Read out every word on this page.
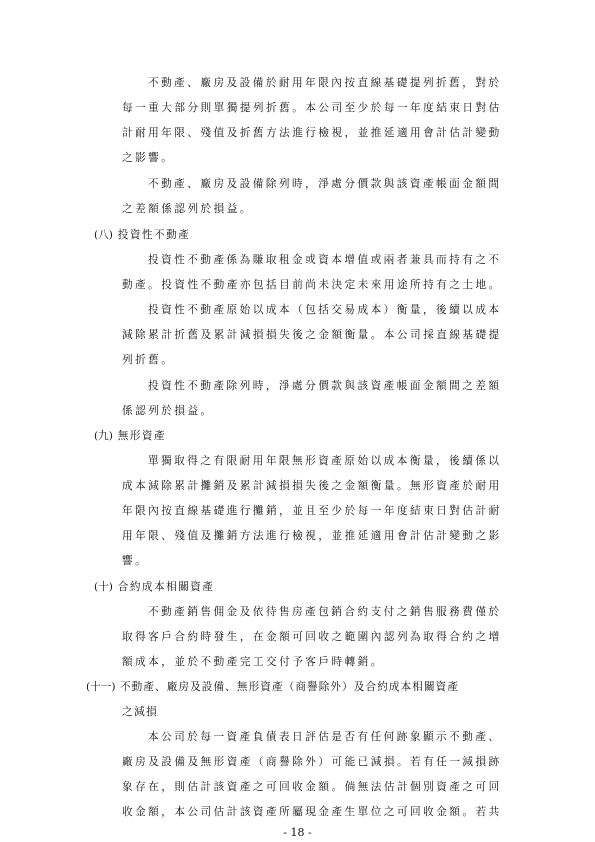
不動產、廠房及設備於耐用年限內按直線基礎提列折舊，對於
每一重大部分則單獨提列折舊。本公司至少於每一年度結束日對估
計耐用年限、殘值及折舊方法進行檢視，並推延適用會計估計變動
之影響。
不動產、廠房及設備除列時，淨處分價款與該資產帳面金額間
之差額係認列於損益。
(八) 投資性不動產
投資性不動產係為賺取租金或資本增值或兩者兼具而持有之不
動產。投資性不動產亦包括目前尚未決定未來用途所持有之土地。
投資性不動產原始以成本（包括交易成本）衡量，後續以成本
減除累計折舊及累計減損損失後之金額衡量。本公司採直線基礎提
列折舊。
投資性不動產除列時，淨處分價款與該資產帳面金額間之差額
係認列於損益。
(九) 無形資產
單獨取得之有限耐用年限無形資產原始以成本衡量，後續係以
成本減除累計攤銷及累計減損損失後之金額衡量。無形資產於耐用
年限內按直線基礎進行攤銷，並且至少於每一年度結束日對估計耐
用年限、殘值及攤銷方法進行檢視，並推延適用會計估計變動之影
響。
(十) 合約成本相關資產
不動產銷售佣金及依待售房產包銷合約支付之銷售服務費僅於
取得客戶合約時發生，在金額可回收之範圍內認列為取得合約之增
額成本，並於不動產完工交付予客戶時轉銷。
(十一) 不動產、廠房及設備、無形資產（商譽除外）及合約成本相關資產
之減損
本公司於每一資產負債表日評估是否有任何跡象顯示不動產、
廠房及設備及無形資產（商譽除外）可能已減損。若有任一減損跡
象存在，則估計該資產之可回收金額。倘無法估計個別資產之可回
收金額，本公司估計該資產所屬現金產生單位之可回收金額。若共
- 18 -
